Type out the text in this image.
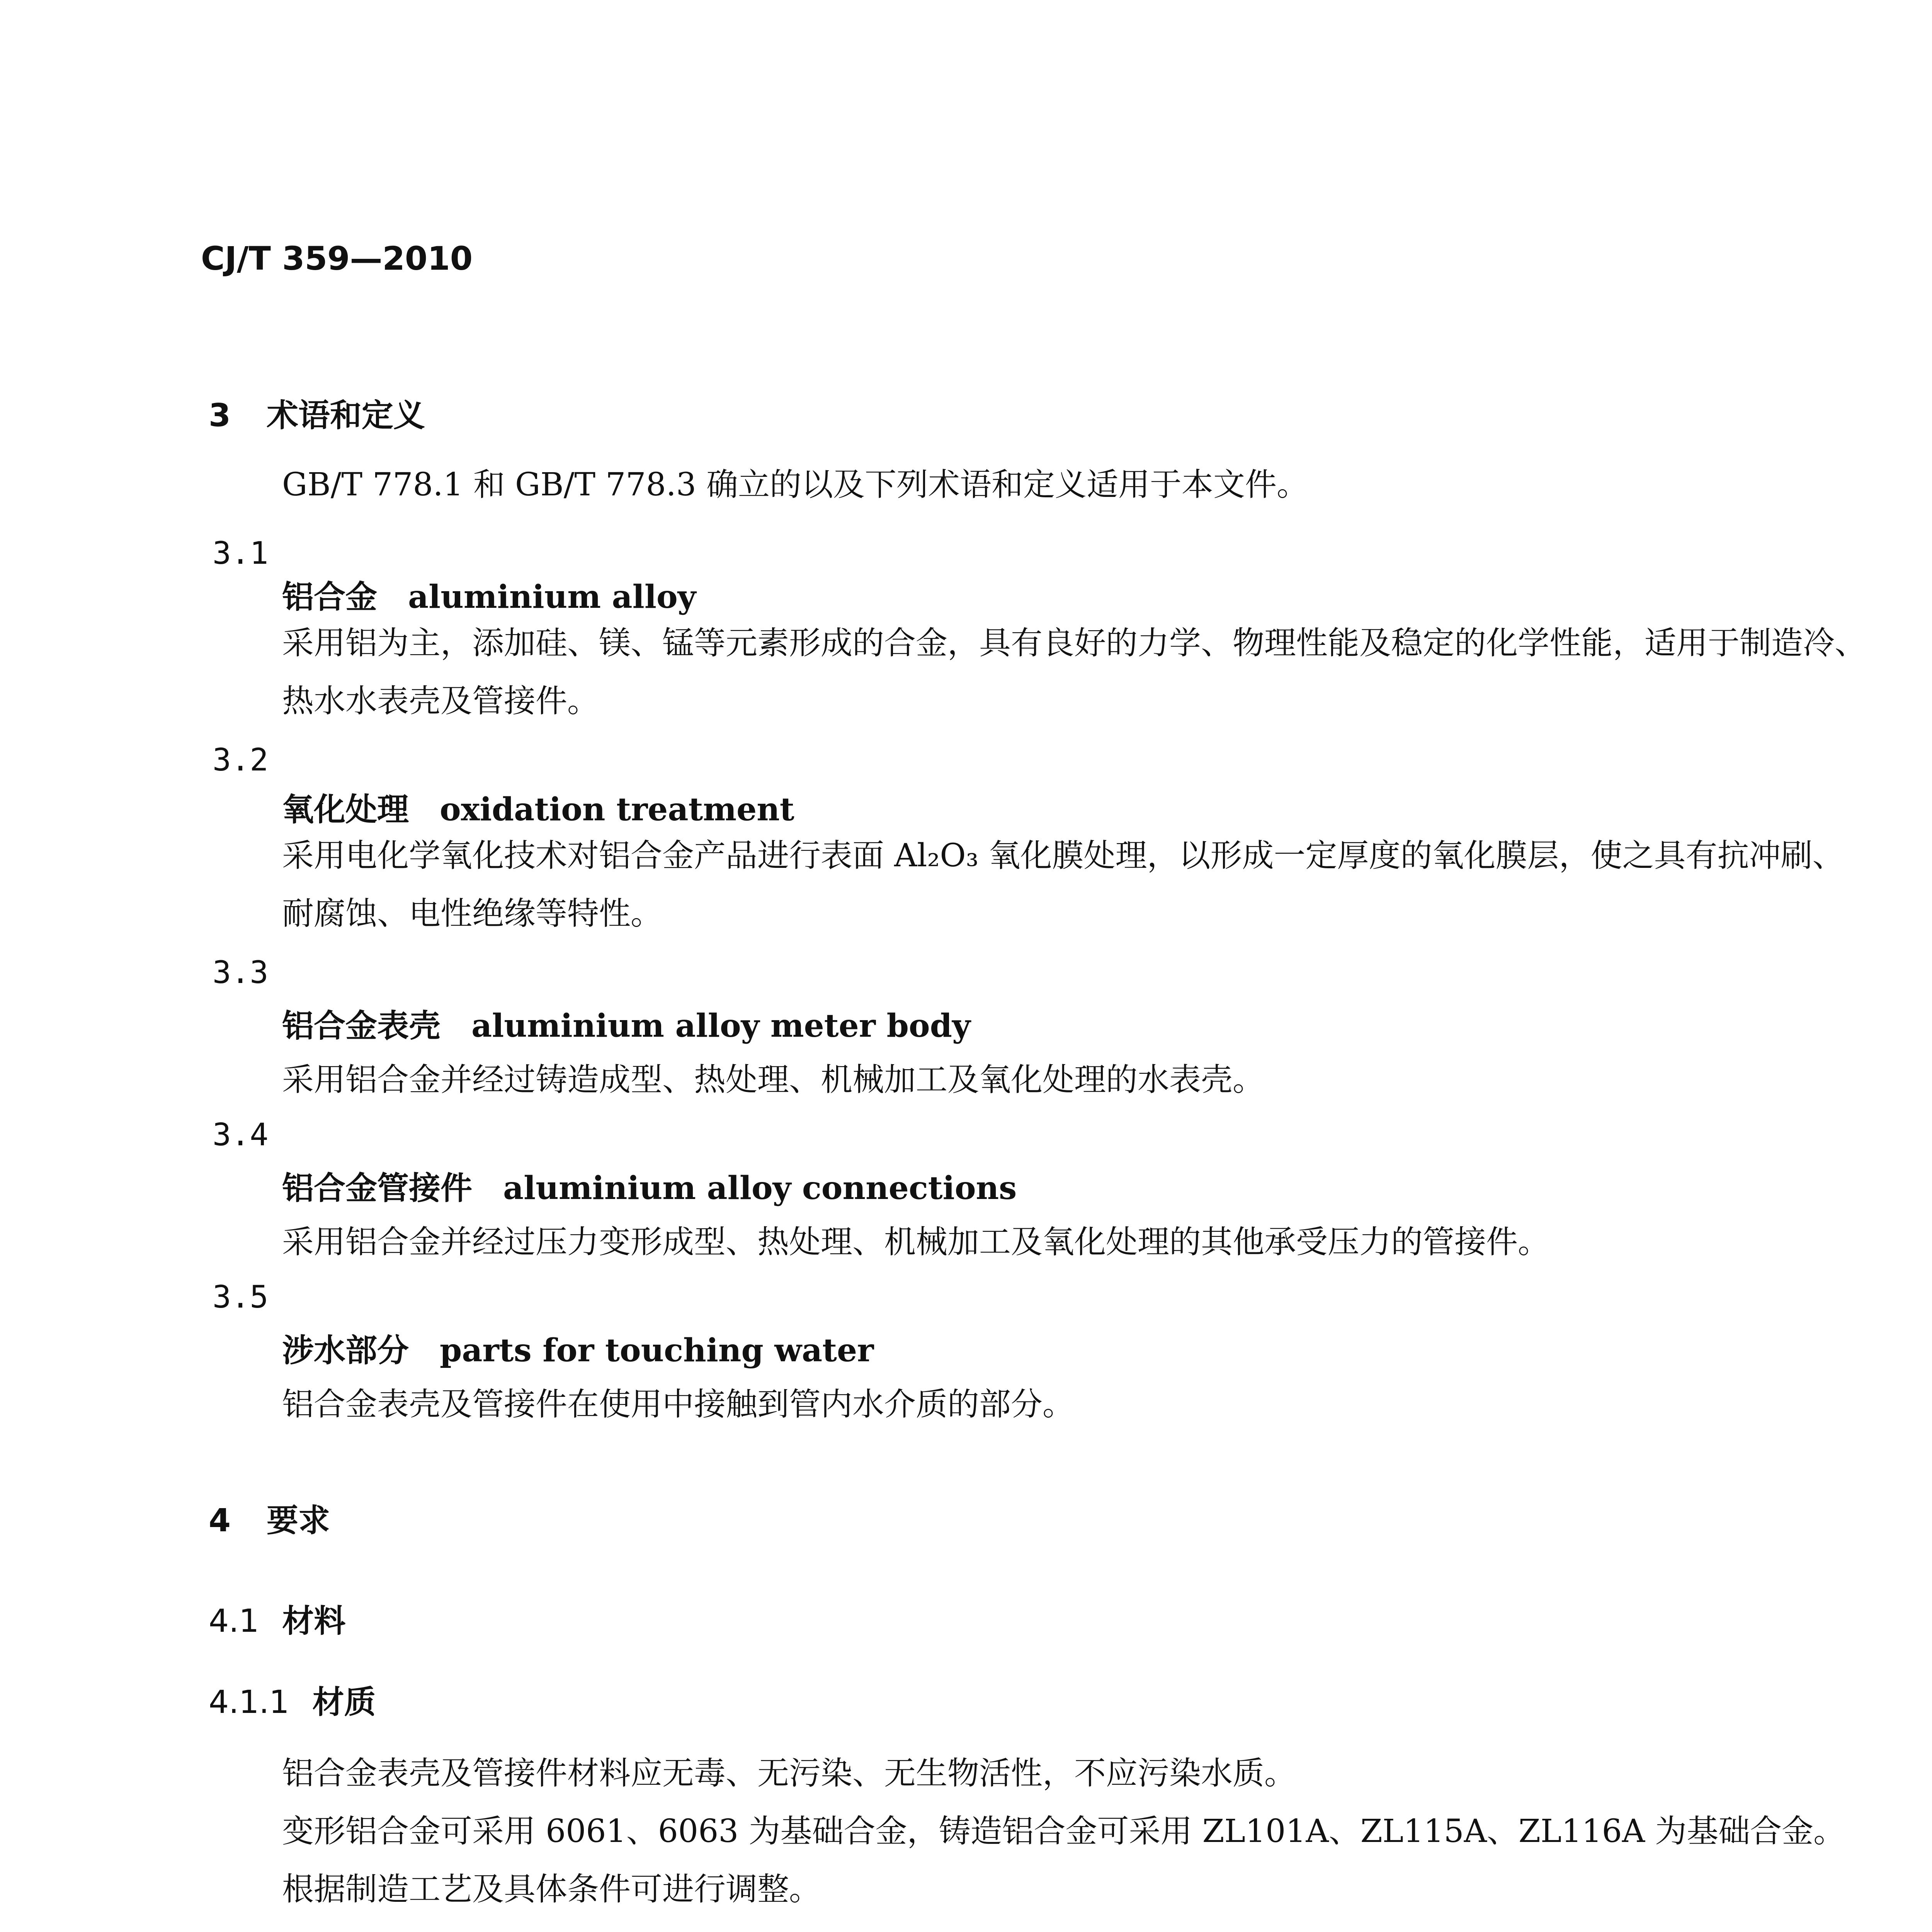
CJ/T 359—2010
3 术语和定义
GB/T 778.1 和 GB/T 778.3 确立的以及下列术语和定义适用于本文件。
3.1
铝合金 aluminium alloy
采用铝为主，添加硅、镁、锰等元素形成的合金，具有良好的力学、物理性能及稳定的化学性能，适用于制造冷、热水水表壳及管接件。
3.2
氧化处理 oxidation treatment
采用电化学氧化技术对铝合金产品进行表面 Al₂O₃ 氧化膜处理，以形成一定厚度的氧化膜层，使之具有抗冲刷、耐腐蚀、电性绝缘等特性。
3.3
铝合金表壳 aluminium alloy meter body
采用铝合金并经过铸造成型、热处理、机械加工及氧化处理的水表壳。
3.4
铝合金管接件 aluminium alloy connections
采用铝合金并经过压力变形成型、热处理、机械加工及氧化处理的其他承受压力的管接件。
3.5
涉水部分 parts for touching water
铝合金表壳及管接件在使用中接触到管内水介质的部分。
4 要求
4.1 材料
4.1.1 材质
铝合金表壳及管接件材料应无毒、无污染、无生物活性，不应污染水质。
变形铝合金可采用 6061、6063 为基础合金，铸造铝合金可采用 ZL101A、ZL115A、ZL116A 为基础合金。根据制造工艺及具体条件可进行调整。
